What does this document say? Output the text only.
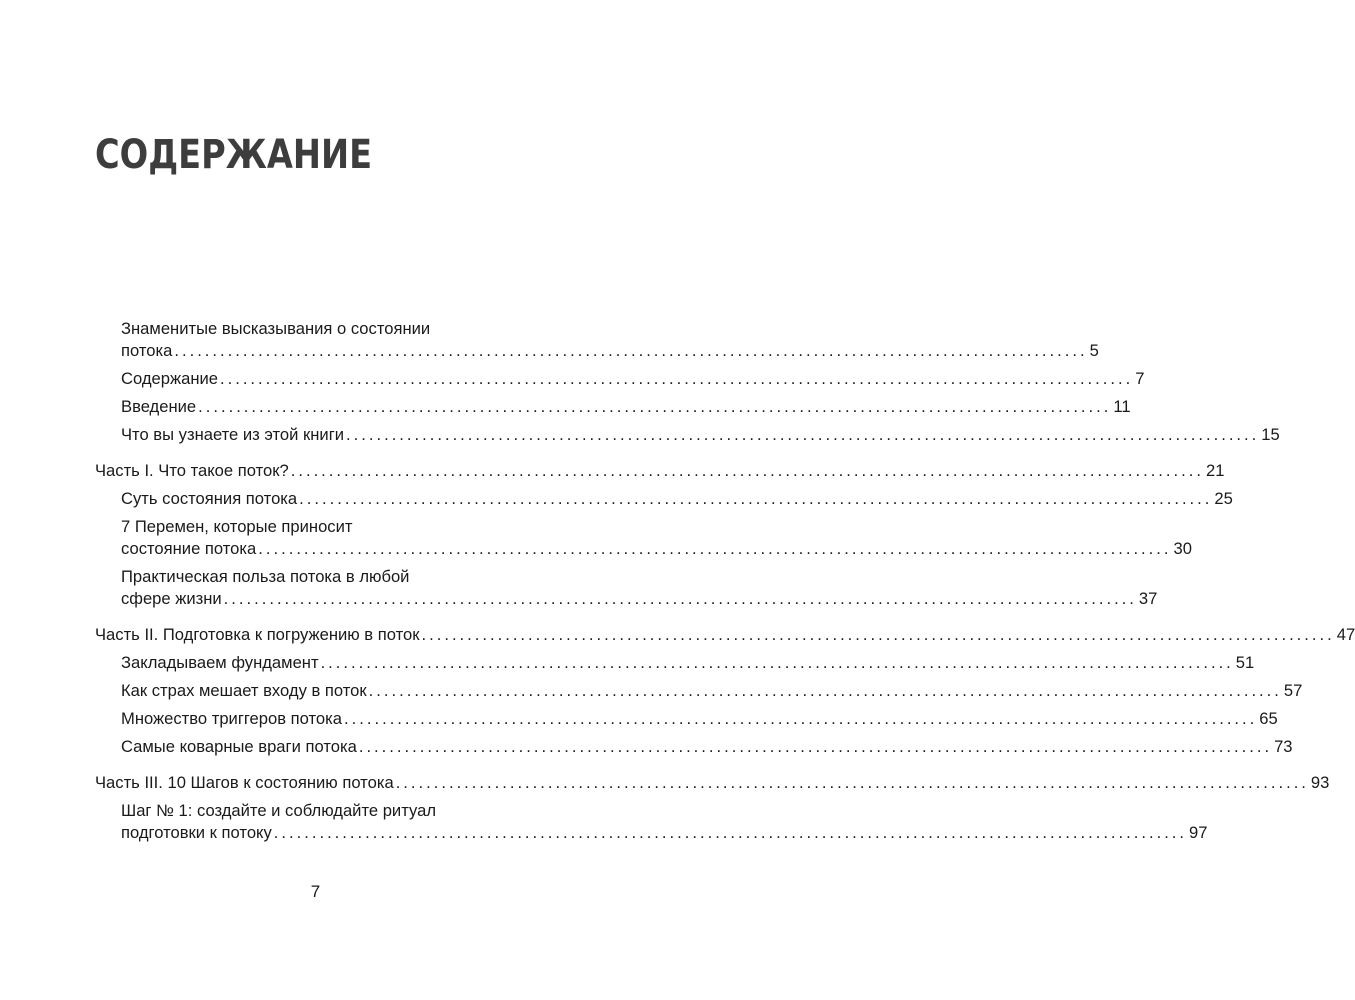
СОДЕРЖАНИЕ
Знаменитые высказывания о состоянии
потока ........................................................................................................................ 5
Содержание ........................................................................................................................ 7
Введение ........................................................................................................................ 11
Что вы узнаете из этой книги ........................................................................................................................ 15
Часть I. Что такое поток? ........................................................................................................................ 21
Суть состояния потока ........................................................................................................................ 25
7 Перемен, которые приносит
состояние потока ........................................................................................................................ 30
Практическая польза потока в любой
сфере жизни ........................................................................................................................ 37
Часть II. Подготовка к погружению в поток ........................................................................................................................ 47
Закладываем фундамент ........................................................................................................................ 51
Как страх мешает входу в поток ........................................................................................................................ 57
Множество триггеров потока ........................................................................................................................ 65
Самые коварные враги потока ........................................................................................................................ 73
Часть III. 10 Шагов к состоянию потока ........................................................................................................................ 93
Шаг № 1: создайте и соблюдайте ритуал
подготовки к потоку ........................................................................................................................ 97
7
